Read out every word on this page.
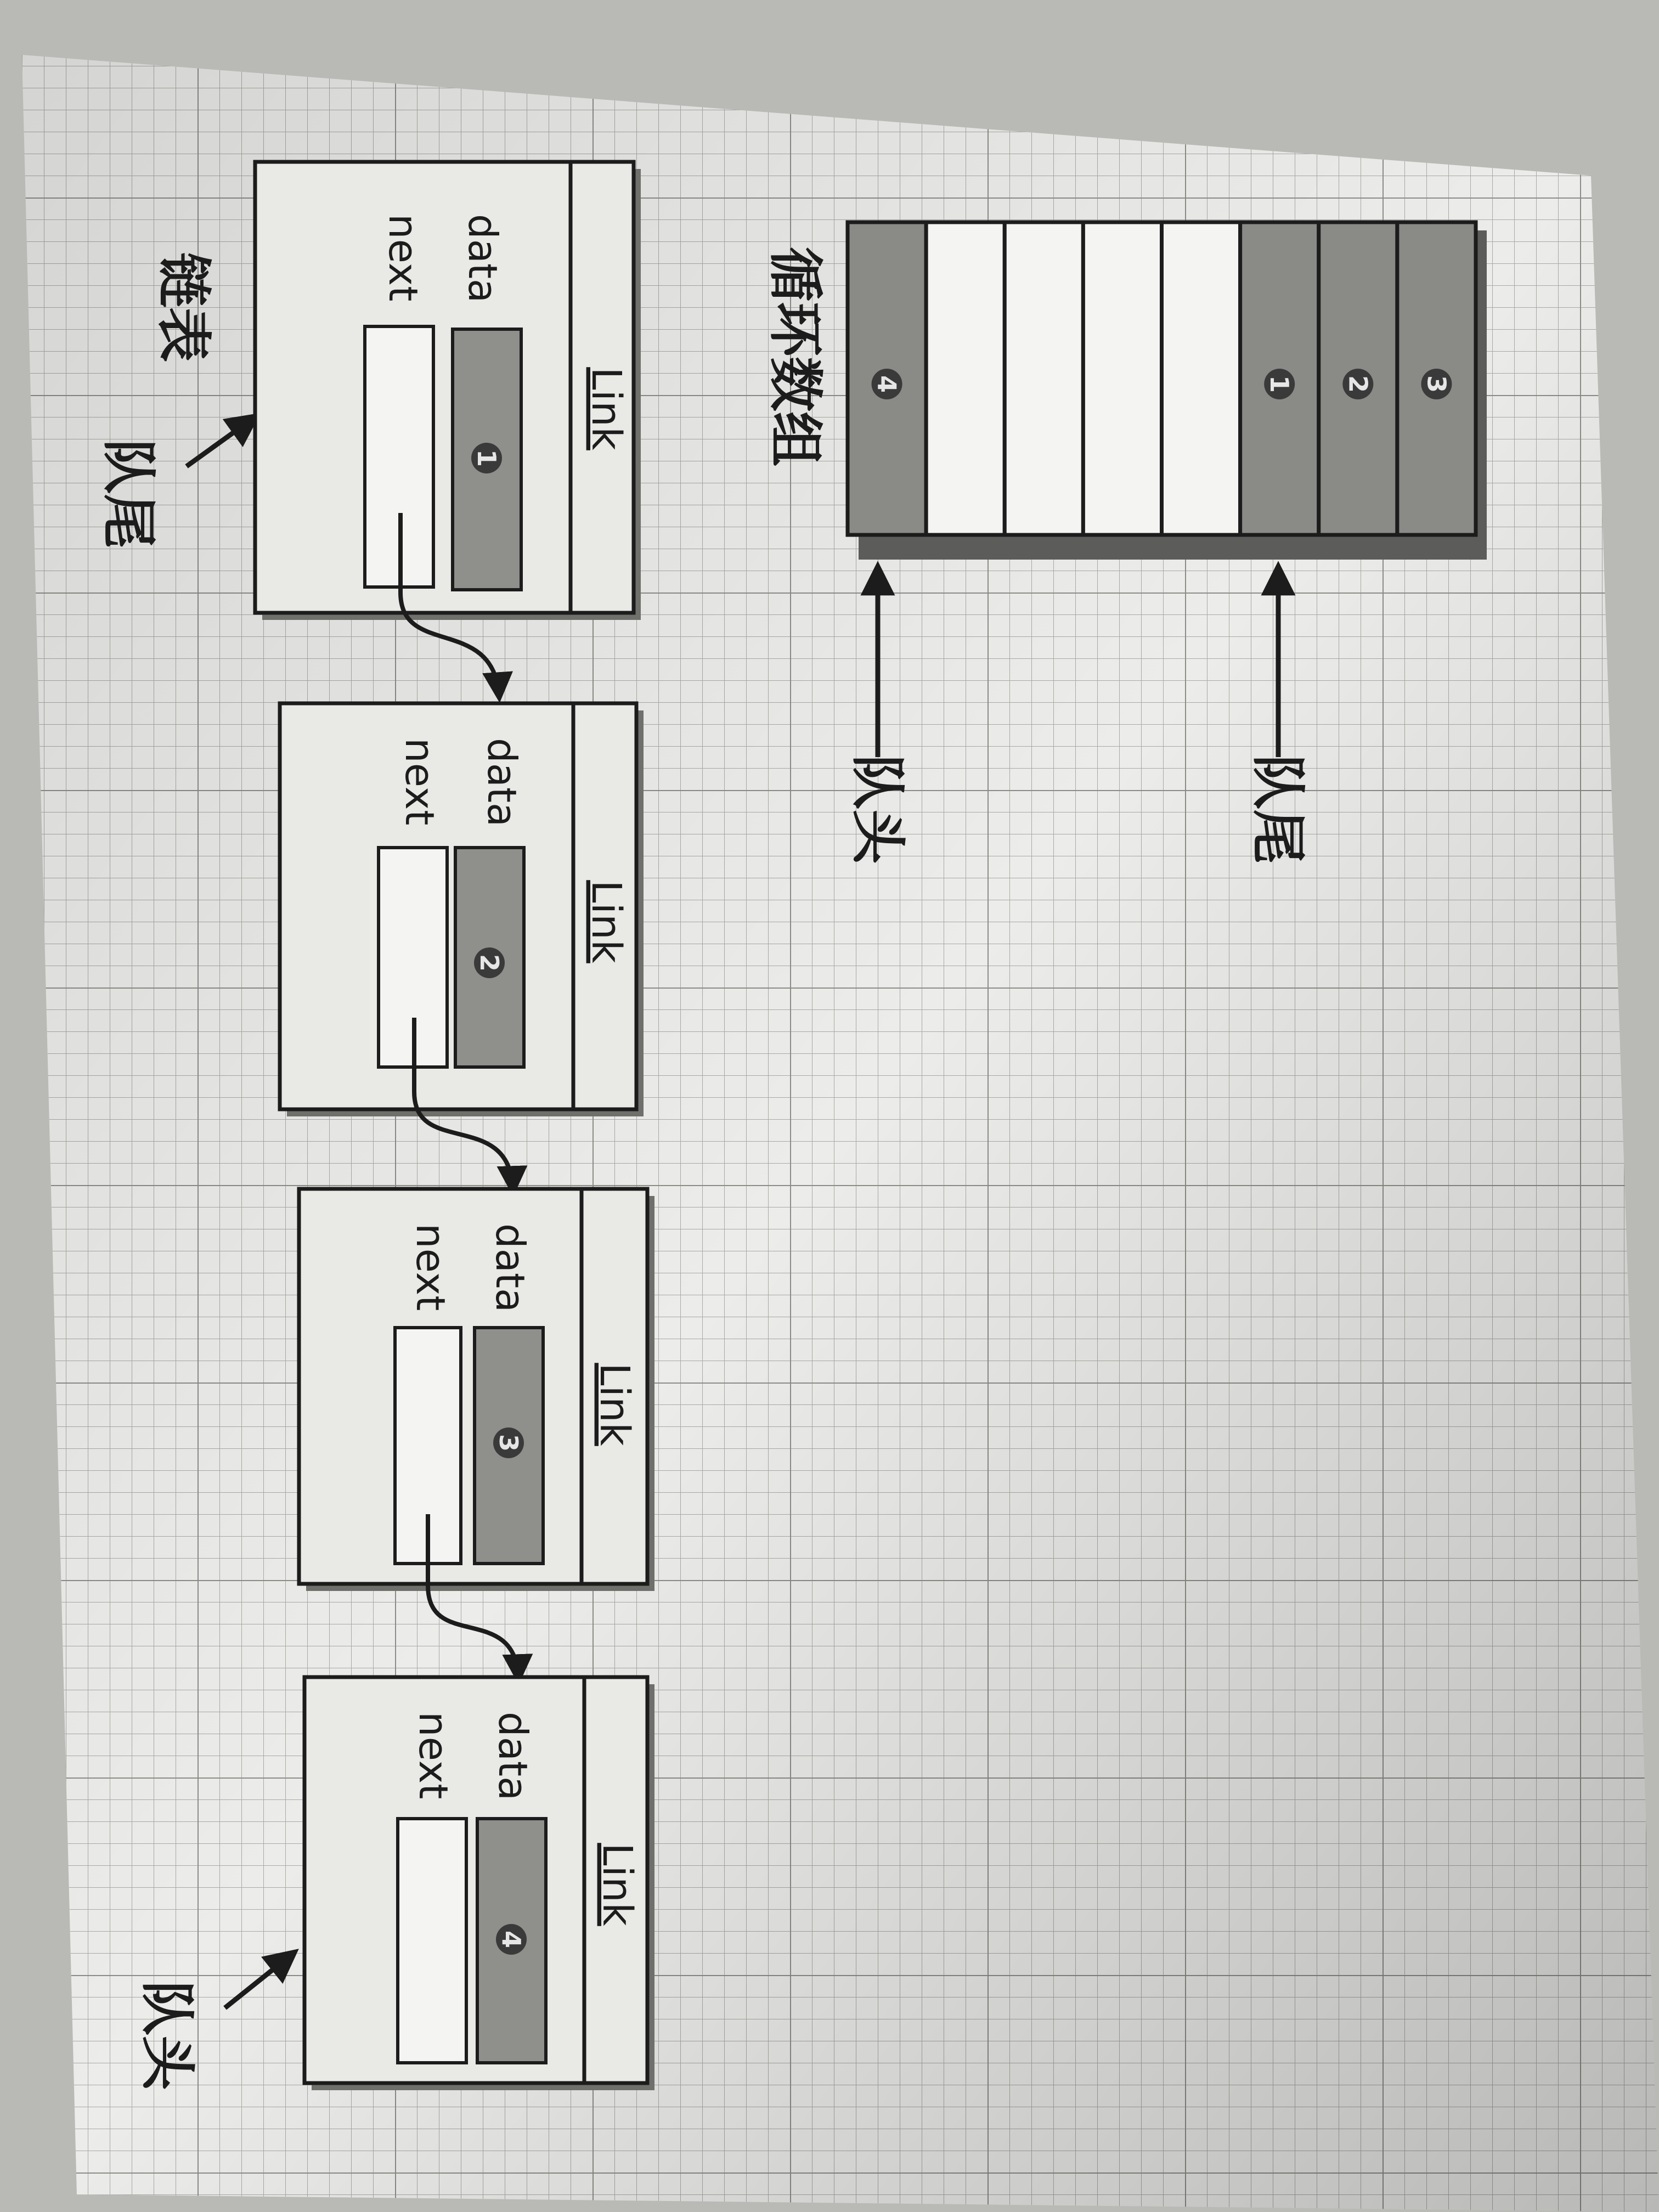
链表
队尾
队头
Link
data
next
1
Link
data
next
2
Link
data
next
3
Link
data
next
4
循环数组 4	1 2 3
队头	队尾
